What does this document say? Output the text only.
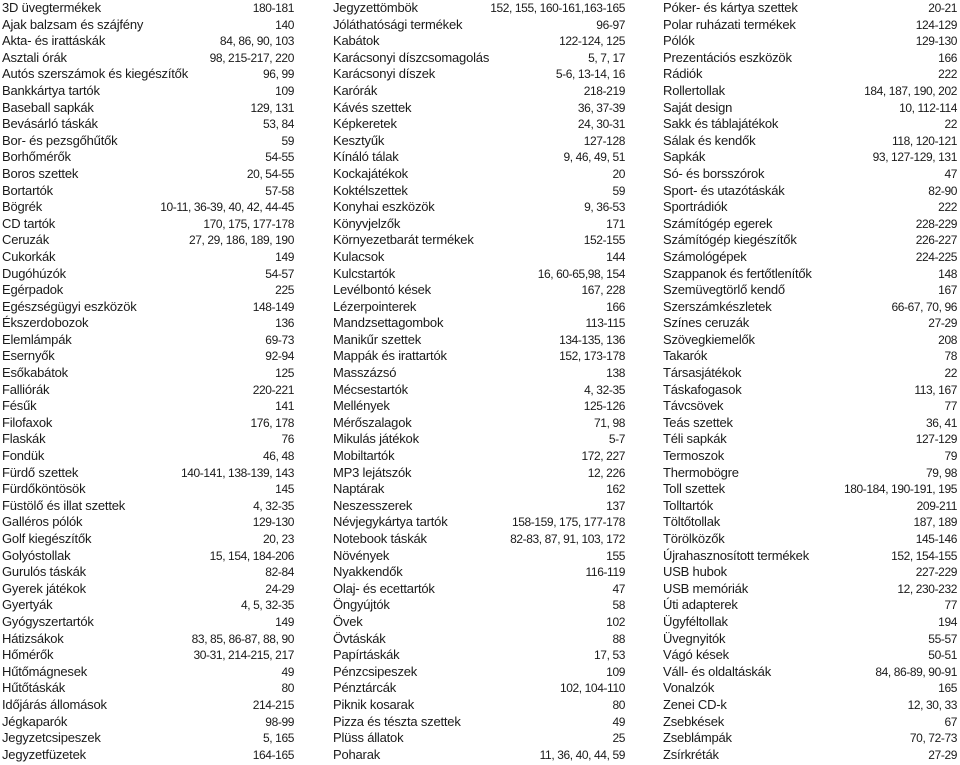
3D üvegtermékek	180-181
Ajak balzsam és szájfény	140
Akta- és irattáskák	84, 86, 90, 103
Asztali órák	98, 215-217, 220
Autós szerszámok és kiegészítők	96, 99
Bankkártya tartók	109
Baseball sapkák	129, 131
Bevásárló táskák	53, 84
Bor- és pezsgőhűtők	59
Borhőmérők	54-55
Boros szettek	20, 54-55
Bortartók	57-58
Bögrék	10-11, 36-39, 40, 42, 44-45
CD tartók	170, 175, 177-178
Ceruzák	27, 29, 186, 189, 190
Cukorkák	149
Dugóhúzók	54-57
Egérpadok	225
Egészségügyi eszközök	148-149
Ékszerdobozok	136
Elemlámpák	69-73
Esernyők	92-94
Esőkabátok	125
Falliórák	220-221
Fésűk	141
Filofaxok	176, 178
Flaskák	76
Fondük	46, 48
Fürdő szettek	140-141, 138-139, 143
Fürdőköntösök	145
Füstölő és illat szettek	4, 32-35
Galléros pólók	129-130
Golf kiegészítők	20, 23
Golyóstollak	15, 154, 184-206
Gurulós táskák	82-84
Gyerek játékok	24-29
Gyertyák	4, 5, 32-35
Gyógyszertartók	149
Hátizsákok	83, 85, 86-87, 88, 90
Hőmérők	30-31, 214-215, 217
Hűtőmágnesek	49
Hűtőtáskák	80
Időjárás állomások	214-215
Jégkaparók	98-99
Jegyzetcsipeszek	5, 165
Jegyzetfüzetek	164-165
Jegyzettömbök	152, 155, 160-161,163-165
Jóláthatósági termékek	96-97
Kabátok	122-124, 125
Karácsonyi díszcsomagolás	5, 7, 17
Karácsonyi díszek	5-6, 13-14, 16
Karórák	218-219
Kávés szettek	36, 37-39
Képkeretek	24, 30-31
Kesztyűk	127-128
Kínáló tálak	9, 46, 49, 51
Kockajátékok	20
Koktélszettek	59
Konyhai eszközök	9, 36-53
Könyvjelzők	171
Környezetbarát termékek	152-155
Kulacsok	144
Kulcstartók	16, 60-65,98, 154
Levélbontó kések	167, 228
Lézerpointerek	166
Mandzsettagombok	113-115
Manikűr szettek	134-135, 136
Mappák és irattartók	152, 173-178
Masszázsó	138
Mécsestartók	4, 32-35
Mellények	125-126
Mérőszalagok	71, 98
Mikulás játékok	5-7
Mobiltartók	172, 227
MP3 lejátszók	12, 226
Naptárak	162
Neszesszerek	137
Névjegykártya tartók	158-159, 175, 177-178
Notebook táskák	82-83, 87, 91, 103, 172
Növények	155
Nyakkendők	116-119
Olaj- és ecettartók	47
Öngyújtók	58
Övek	102
Övtáskák	88
Papírtáskák	17, 53
Pénzcsipeszek	109
Pénztárcák	102, 104-110
Piknik kosarak	80
Pizza és tészta szettek	49
Plüss állatok	25
Poharak	11, 36, 40, 44, 59
Póker- és kártya szettek	20-21
Polar ruházati termékek	124-129
Pólók	129-130
Prezentációs eszközök	166
Rádiók	222
Rollertollak	184, 187, 190, 202
Saját design	10, 112-114
Sakk és táblajátékok	22
Sálak és kendők	118, 120-121
Sapkák	93, 127-129, 131
Só- és borsszórok	47
Sport- és utazótáskák	82-90
Sportrádiók	222
Számítógép egerek	228-229
Számítógép kiegészítők	226-227
Számológépek	224-225
Szappanok és fertőtlenítők	148
Szemüvegtörlő kendő	167
Szerszámkészletek	66-67, 70, 96
Színes ceruzák	27-29
Szövegkiemelők	208
Takarók	78
Társasjátékok	22
Táskafogasok	113, 167
Távcsövek	77
Teás szettek	36, 41
Téli sapkák	127-129
Termoszok	79
Thermobögre	79, 98
Toll szettek	180-184, 190-191, 195
Tolltartók	209-211
Töltőtollak	187, 189
Törölközők	145-146
Újrahasznosított termékek	152, 154-155
USB hubok	227-229
USB memóriák	12, 230-232
Úti adapterek	77
Ügyféltollak	194
Üvegnyitók	55-57
Vágó kések	50-51
Váll- és oldaltáskák	84, 86-89, 90-91
Vonalzók	165
Zenei CD-k	12, 30, 33
Zsebkések	67
Zseblámpák	70, 72-73
Zsírkréták	27-29
